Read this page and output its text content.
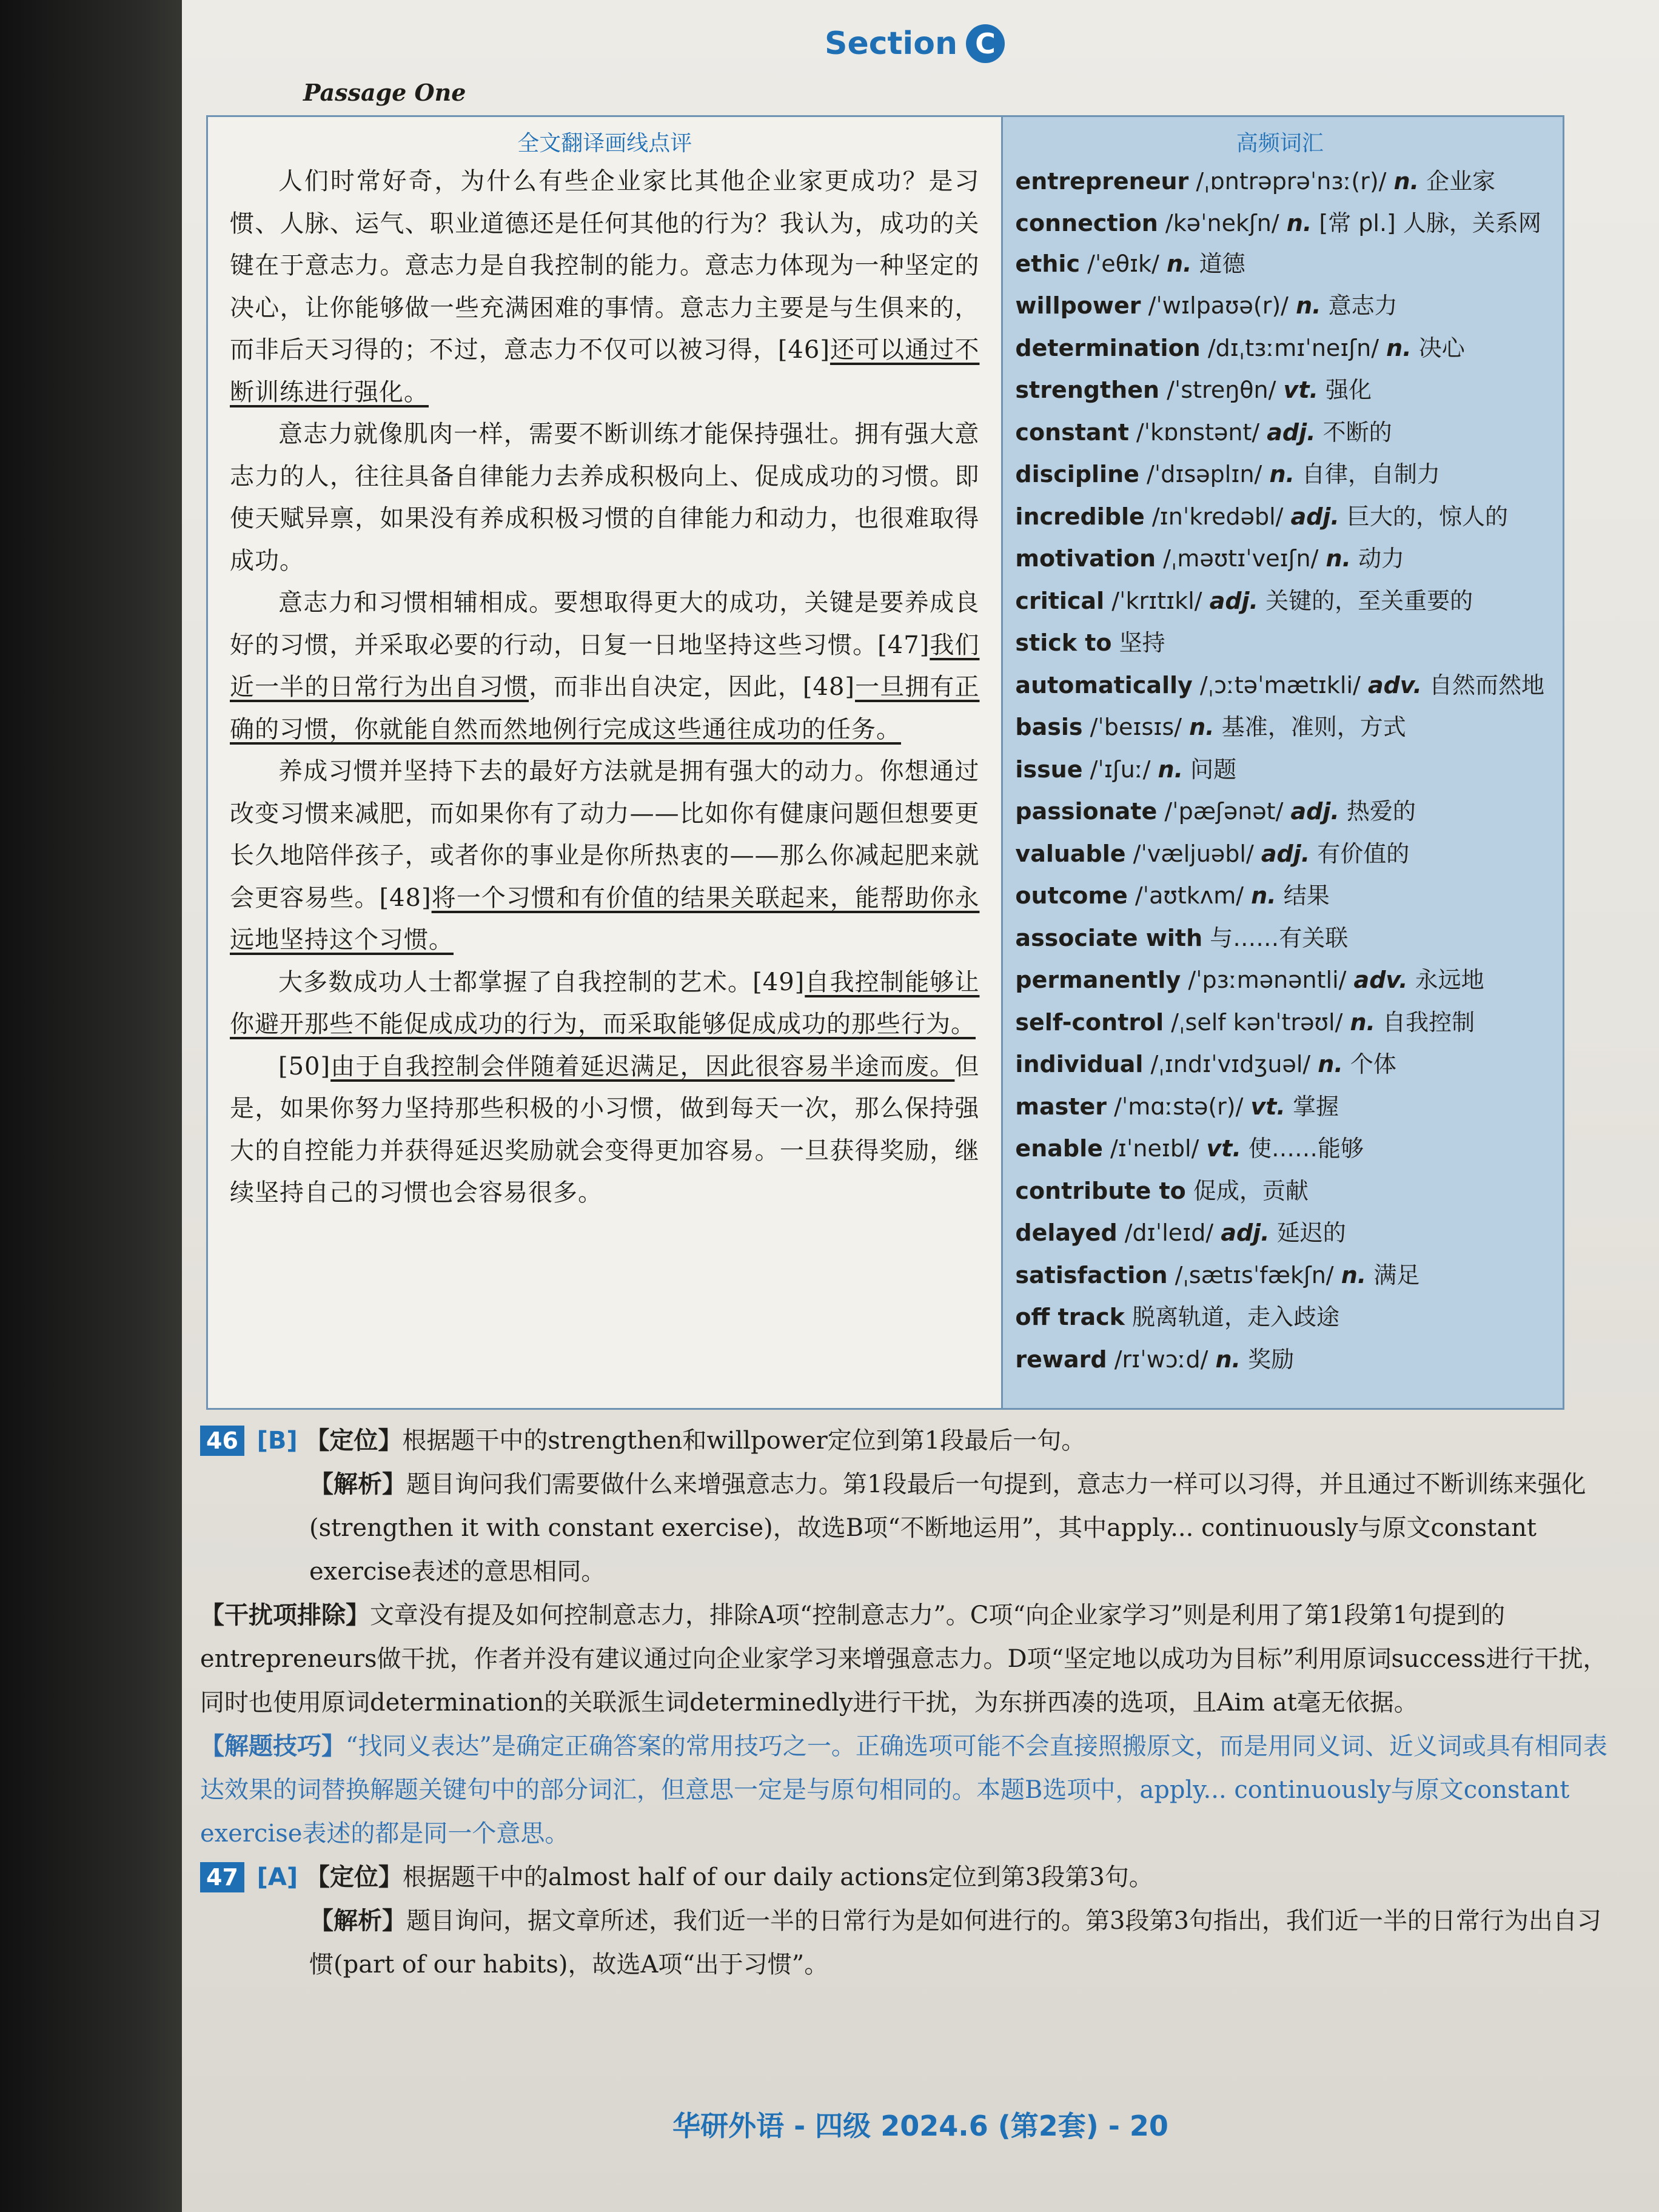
Section C
Passage One
全文翻译画线点评

人们时常好奇，为什么有些企业家比其他企业家更成功？是习惯、人脉、运气、职业道德还是任何其他的行为？我认为，成功的关键在于意志力。意志力是自我控制的能力。意志力体现为一种坚定的决心，让你能够做一些充满困难的事情。意志力主要是与生俱来的，而非后天习得的；不过，意志力不仅可以被习得，[46]还可以通过不断训练进行强化。

意志力就像肌肉一样，需要不断训练才能保持强壮。拥有强大意志力的人，往往具备自律能力去养成积极向上、促成成功的习惯。即使天赋异禀，如果没有养成积极习惯的自律能力和动力，也很难取得成功。

意志力和习惯相辅相成。要想取得更大的成功，关键是要养成良好的习惯，并采取必要的行动，日复一日地坚持这些习惯。[47]我们近一半的日常行为出自习惯，而非出自决定，因此，[48]一旦拥有正确的习惯，你就能自然而然地例行完成这些通往成功的任务。

养成习惯并坚持下去的最好方法就是拥有强大的动力。你想通过改变习惯来减肥，而如果你有了动力——比如你有健康问题但想要更长久地陪伴孩子，或者你的事业是你所热衷的——那么你减起肥来就会更容易些。[48]将一个习惯和有价值的结果关联起来，能帮助你永远地坚持这个习惯。

大多数成功人士都掌握了自我控制的艺术。[49]自我控制能够让你避开那些不能促成成功的行为，而采取能够促成成功的那些行为。

[50]由于自我控制会伴随着延迟满足，因此很容易半途而废。但是，如果你努力坚持那些积极的小习惯，做到每天一次，那么保持强大的自控能力并获得延迟奖励就会变得更加容易。一旦获得奖励，继续坚持自己的习惯也会容易很多。

高频词汇
entrepreneur /ˌɒntrəprəˈnɜː(r)/ n. 企业家
connection /kəˈnekʃn/ n. [常 pl.] 人脉，关系网
ethic /ˈeθɪk/ n. 道德
willpower /ˈwɪlpaʊə(r)/ n. 意志力
determination /dɪˌtɜːmɪˈneɪʃn/ n. 决心
strengthen /ˈstreŋθn/ vt. 强化
constant /ˈkɒnstənt/ adj. 不断的
discipline /ˈdɪsəplɪn/ n. 自律，自制力
incredible /ɪnˈkredəbl/ adj. 巨大的，惊人的
motivation /ˌməʊtɪˈveɪʃn/ n. 动力
critical /ˈkrɪtɪkl/ adj. 关键的，至关重要的
stick to 坚持
automatically /ˌɔːtəˈmætɪkli/ adv. 自然而然地
basis /ˈbeɪsɪs/ n. 基准，准则，方式
issue /ˈɪʃuː/ n. 问题
passionate /ˈpæʃənət/ adj. 热爱的
valuable /ˈvæljuəbl/ adj. 有价值的
outcome /ˈaʊtkʌm/ n. 结果
associate with 与……有关联
permanently /ˈpɜːmənəntli/ adv. 永远地
self-control /ˌself kənˈtrəʊl/ n. 自我控制
individual /ˌɪndɪˈvɪdʒuəl/ n. 个体
master /ˈmɑːstə(r)/ vt. 掌握
enable /ɪˈneɪbl/ vt. 使……能够
contribute to 促成，贡献
delayed /dɪˈleɪd/ adj. 延迟的
satisfaction /ˌsætɪsˈfækʃn/ n. 满足
off track 脱离轨道，走入歧途
reward /rɪˈwɔːd/ n. 奖励

46 [B] 【定位】根据题干中的strengthen和willpower定位到第1段最后一句。

【解析】题目询问我们需要做什么来增强意志力。第1段最后一句提到，意志力一样可以习得，并且通过不断训练来强化(strengthen it with constant exercise)，故选B项“不断地运用”，其中apply... continuously与原文constant exercise表述的意思相同。

【干扰项排除】文章没有提及如何控制意志力，排除A项“控制意志力”。C项“向企业家学习”则是利用了第1段第1句提到的entrepreneurs做干扰，作者并没有建议通过向企业家学习来增强意志力。D项“坚定地以成功为目标”利用原词success进行干扰，同时也使用原词determination的关联派生词determinedly进行干扰，为东拼西凑的选项，且Aim at毫无依据。

【解题技巧】“找同义表达”是确定正确答案的常用技巧之一。正确选项可能不会直接照搬原文，而是用同义词、近义词或具有相同表达效果的词替换解题关键句中的部分词汇，但意思一定是与原句相同的。本题B选项中，apply... continuously与原文constant exercise表述的都是同一个意思。

47 [A] 【定位】根据题干中的almost half of our daily actions定位到第3段第3句。

【解析】题目询问，据文章所述，我们近一半的日常行为是如何进行的。第3段第3句指出，我们近一半的日常行为出自习惯(part of our habits)，故选A项“出于习惯”。

华研外语 - 四级 2024.6 (第2套) - 20
